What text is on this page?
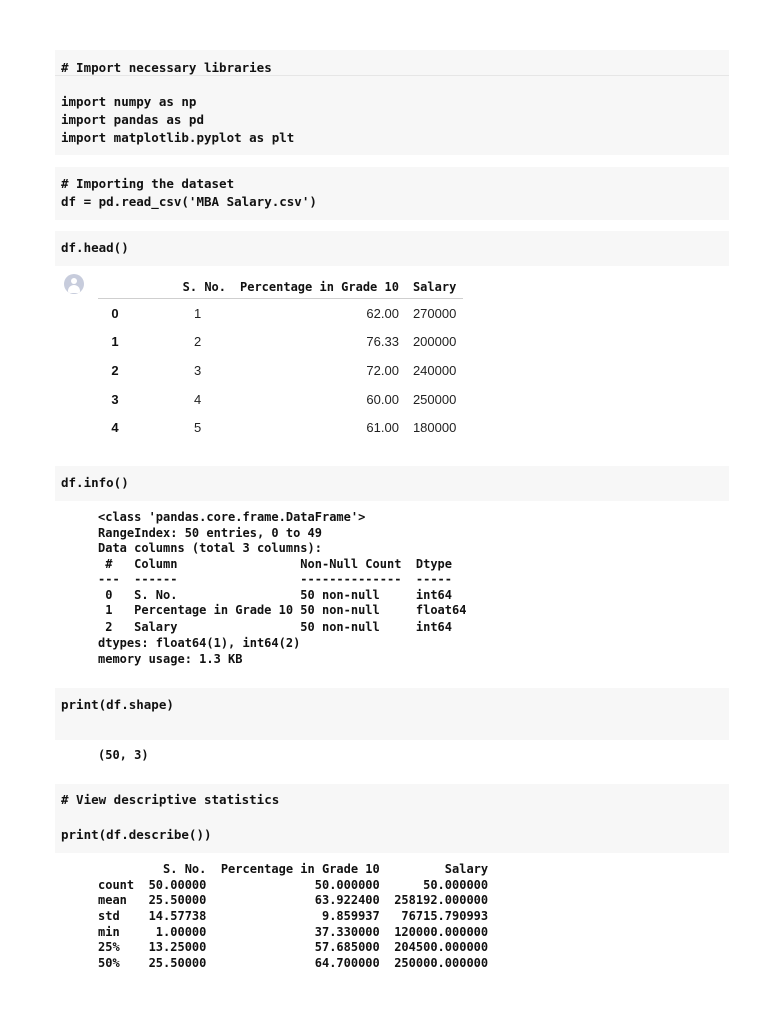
# Import necessary libraries
import numpy as np
import pandas as pd
import matplotlib.pyplot as plt
# Importing the dataset
df = pd.read_csv('MBA Salary.csv')
df.head()
	S. No.	Percentage in Grade 10	Salary
0	1	62.00	270000
1	2	76.33	200000
2	3	72.00	240000
3	4	60.00	250000
4	5	61.00	180000
df.info()
<class 'pandas.core.frame.DataFrame'>
RangeIndex: 50 entries, 0 to 49
Data columns (total 3 columns):
#   Column                 Non-Null Count  Dtype
---  ------                 --------------  -----
0   S. No.                 50 non-null     int64
1   Percentage in Grade 10 50 non-null     float64
2   Salary                 50 non-null     int64
dtypes: float64(1), int64(2)
memory usage: 1.3 KB
print(df.shape)
(50, 3)
# View descriptive statistics
print(df.describe())
S. No.  Percentage in Grade 10         Salary
count  50.00000               50.000000      50.000000
mean   25.50000               63.922400  258192.000000
std    14.57738                9.859937   76715.790993
min     1.00000               37.330000  120000.000000
25%    13.25000               57.685000  204500.000000
50%    25.50000               64.700000  250000.000000
